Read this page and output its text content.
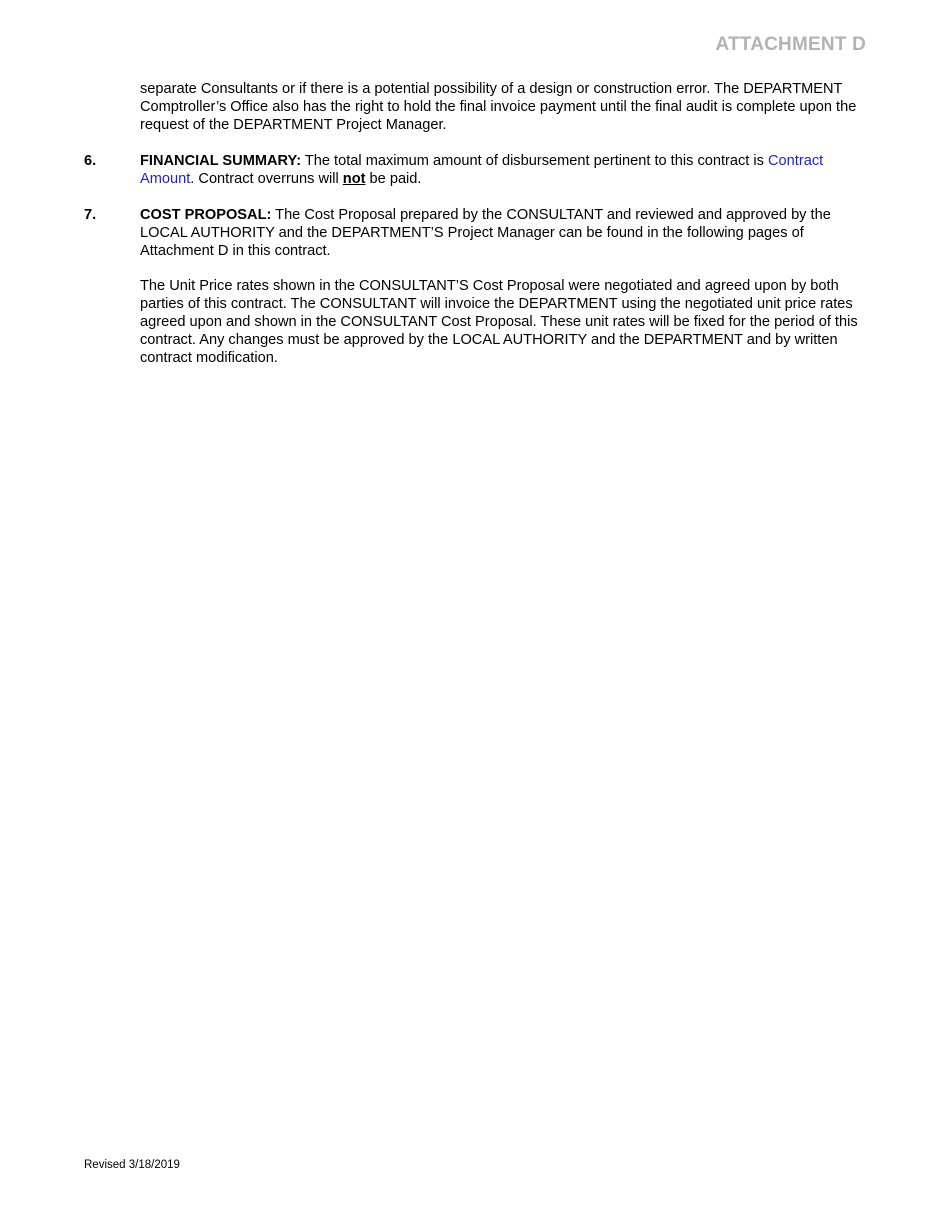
ATTACHMENT D
separate Consultants or if there is a potential possibility of a design or construction error. The DEPARTMENT Comptroller’s Office also has the right to hold the final invoice payment until the final audit is complete upon the request of the DEPARTMENT Project Manager.
6.	FINANCIAL SUMMARY: The total maximum amount of disbursement pertinent to this contract is Contract Amount. Contract overruns will not be paid.
7.	COST PROPOSAL: The Cost Proposal prepared by the CONSULTANT and reviewed and approved by the LOCAL AUTHORITY and the DEPARTMENT’S Project Manager can be found in the following pages of Attachment D in this contract.
The Unit Price rates shown in the CONSULTANT’S Cost Proposal were negotiated and agreed upon by both parties of this contract. The CONSULTANT will invoice the DEPARTMENT using the negotiated unit price rates agreed upon and shown in the CONSULTANT Cost Proposal. These unit rates will be fixed for the period of this contract. Any changes must be approved by the LOCAL AUTHORITY and the DEPARTMENT and by written contract modification.
Revised 3/18/2019
